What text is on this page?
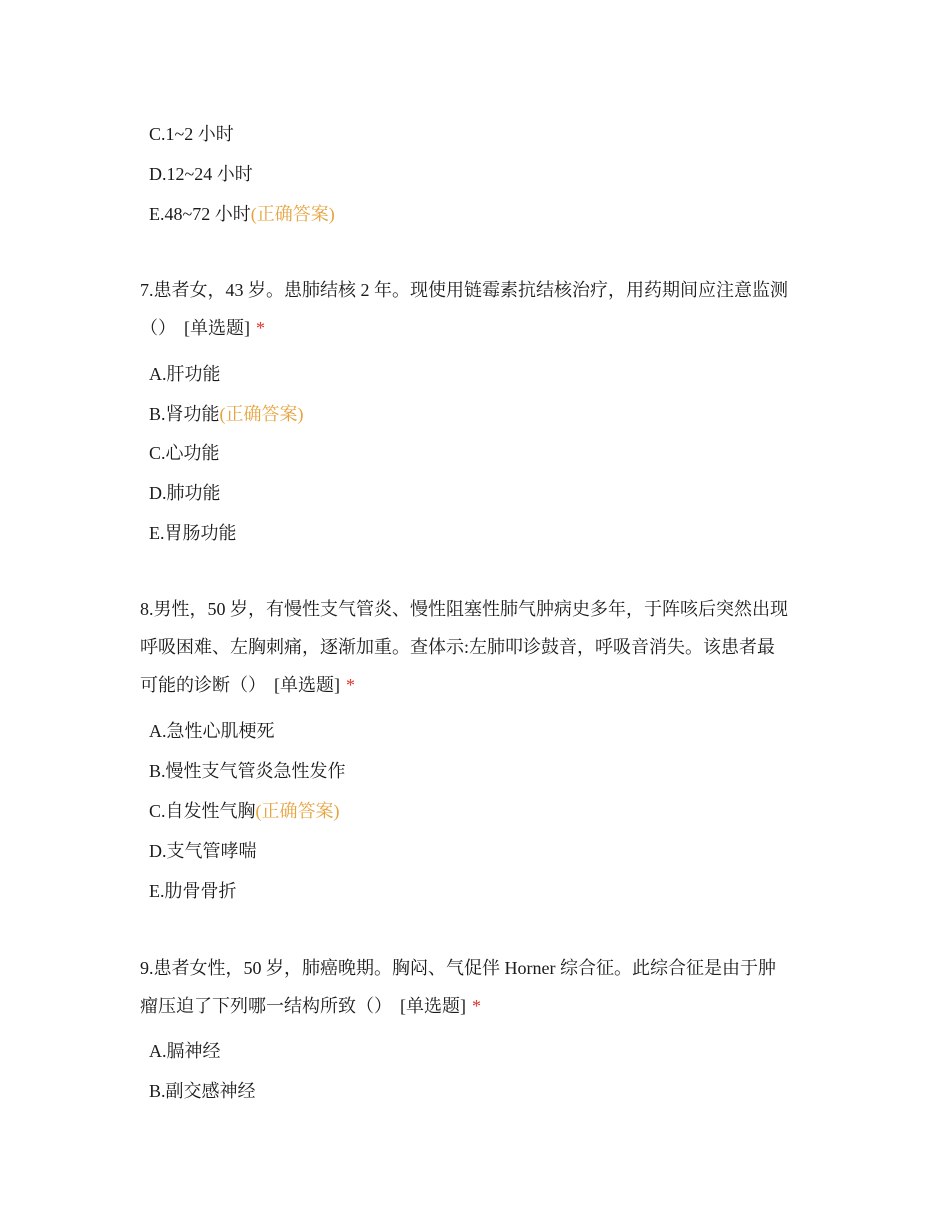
C.1~2 小时
D.12~24 小时
E.48~72 小时(正确答案)
7.患者女，43 岁。患肺结核 2 年。现使用链霉素抗结核治疗，用药期间应注意监测
（） [单选题] *
A.肝功能
B.肾功能(正确答案)
C.心功能
D.肺功能
E.胃肠功能
8.男性，50 岁，有慢性支气管炎、慢性阻塞性肺气肿病史多年，于阵咳后突然出现
呼吸困难、左胸刺痛，逐渐加重。查体示:左肺叩诊鼓音，呼吸音消失。该患者最
可能的诊断（） [单选题] *
A.急性心肌梗死
B.慢性支气管炎急性发作
C.自发性气胸(正确答案)
D.支气管哮喘
E.肋骨骨折
9.患者女性，50 岁，肺癌晚期。胸闷、气促伴 Horner 综合征。此综合征是由于肿
瘤压迫了下列哪一结构所致（） [单选题] *
A.膈神经
B.副交感神经
